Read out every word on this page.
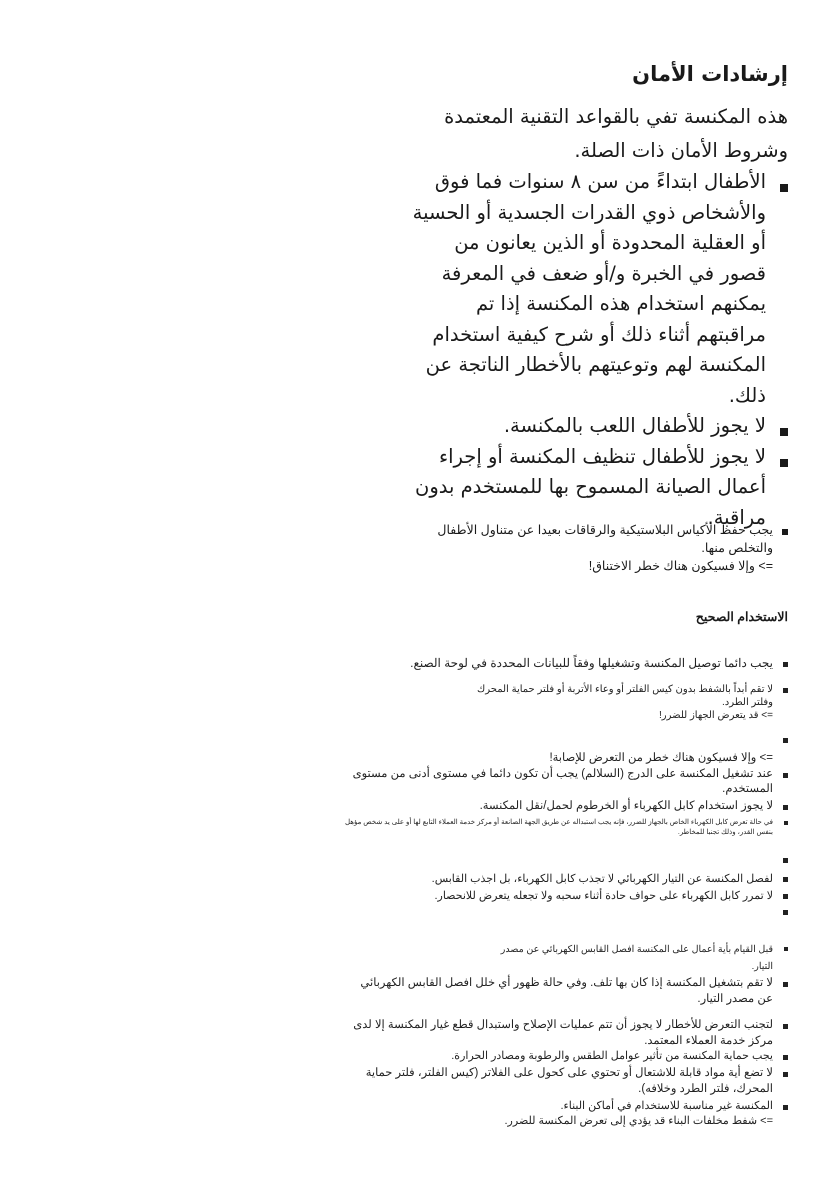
إرشادات الأمان
هذه المكنسة تفي بالقواعد التقنية المعتمدة وشروط الأمان ذات الصلة.
الأطفال ابتداءً من سن ٨ سنوات فما فوق والأشخاص ذوي القدرات الجسدية أو الحسية أو العقلية المحدودة أو الذين يعانون من قصور في الخبرة و/أو ضعف في المعرفة يمكنهم استخدام هذه المكنسة إذا تم مراقبتهم أثناء ذلك أو شرح كيفية استخدام المكنسة لهم وتوعيتهم بالأخطار الناتجة عن ذلك.
لا يجوز للأطفال اللعب بالمكنسة.
لا يجوز للأطفال تنظيف المكنسة أو إجراء أعمال الصيانة المسموح بها للمستخدم بدون مراقبة.
يجب حفظ الأكياس البلاستيكية والرقاقات بعيدا عن متناول الأطفال والتخلص منها.
=> وإلا فسيكون هناك خطر الاختناق!
الاستخدام الصحيح
يجب دائما توصيل المكنسة وتشغيلها وفقاً للبيانات المحددة في لوحة الصنع.
لا تقم أبداً بالشفط بدون كيس الفلتر أو وعاء الأتربة أو فلتر حماية المحرك وفلتر الطرد.
=> قد يتعرض الجهاز للضرر!
=> وإلا فسيكون هناك خطر من التعرض للإصابة!
عند تشغيل المكنسة على الدرج (السلالم) يجب أن تكون دائما في مستوى أدنى من مستوى المستخدم.
لا يجوز استخدام كابل الكهرباء أو الخرطوم لحمل/نقل المكنسة.
في حالة تعرض كابل الكهرباء الخاص بالجهاز للضرر، فإنه يجب استبداله عن طريق الجهة الصانعة أو مركز خدمة العملاء التابع لها أو على يد شخص مؤهل بنفس القدر، وذلك تجنبا للمخاطر.
لفصل المكنسة عن التيار الكهربائي لا تجذب كابل الكهرباء، بل اجذب القابس.
لا تمرر كابل الكهرباء على حواف حادة أثناء سحبه ولا تجعله يتعرض للانحصار.
قبل القيام بأية أعمال على المكنسة افصل القابس الكهربائي عن مصدر التيار.
لا تقم بتشغيل المكنسة إذا كان بها تلف. وفي حالة ظهور أي خلل افصل القابس الكهربائي عن مصدر التيار.
لتجنب التعرض للأخطار لا يجوز أن تتم عمليات الإصلاح واستبدال قطع غيار المكنسة إلا لدى مركز خدمة العملاء المعتمد.
يجب حماية المكنسة من تأثير عوامل الطقس والرطوبة ومصادر الحرارة.
لا تضع أية مواد قابلة للاشتعال أو تحتوي على كحول على الفلاتر (كيس الفلتر، فلتر حماية المحرك، فلتر الطرد وخلافه).
المكنسة غير مناسبة للاستخدام في أماكن البناء.
=> شفط مخلفات البناء قد يؤدي إلى تعرض المكنسة للضرر.
